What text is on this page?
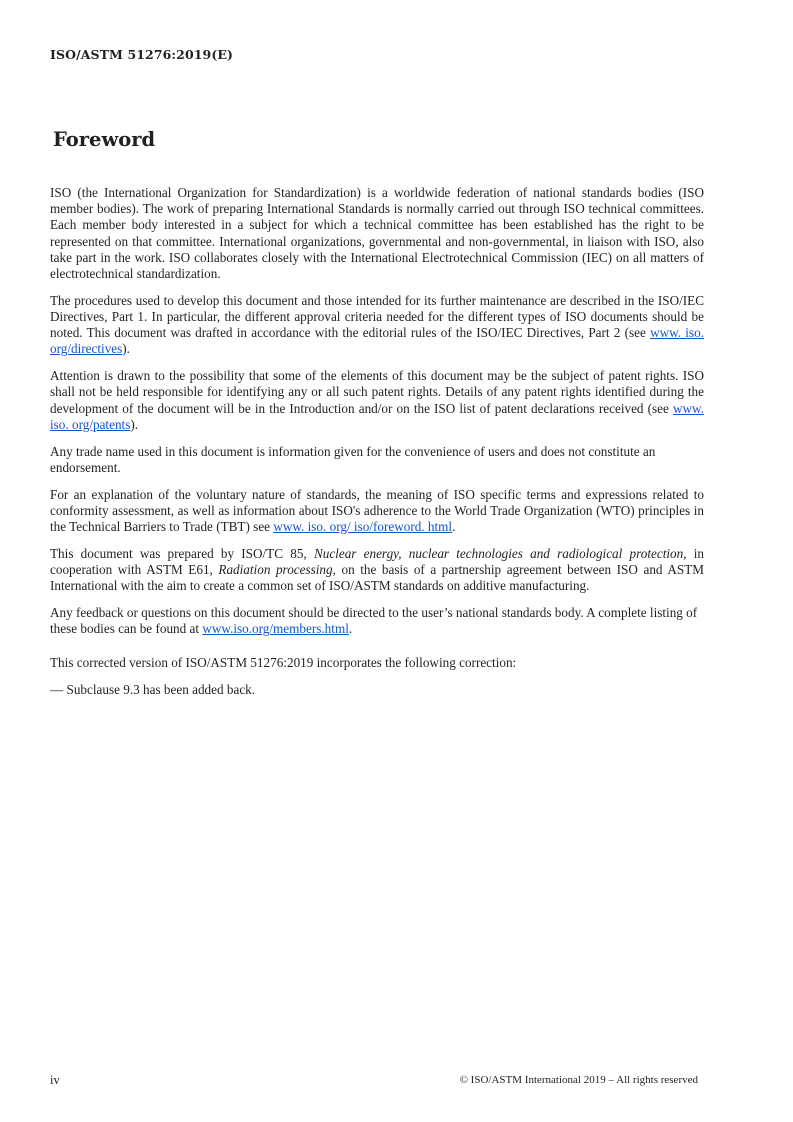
ISO/ASTM 51276:2019(E)
Foreword

ISO (the International Organization for Standardization) is a worldwide federation of national standards bodies (ISO member bodies). The work of preparing International Standards is normally carried out through ISO technical committees. Each member body interested in a subject for which a technical committee has been established has the right to be represented on that committee. International organizations, governmental and non-governmental, in liaison with ISO, also take part in the work. ISO collaborates closely with the International Electrotechnical Commission (IEC) on all matters of electrotechnical standardization.

The procedures used to develop this document and those intended for its further maintenance are described in the ISO/IEC Directives, Part 1. In particular, the different approval criteria needed for the different types of ISO documents should be noted. This document was drafted in accordance with the editorial rules of the ISO/IEC Directives, Part 2 (see www. iso. org/directives).

Attention is drawn to the possibility that some of the elements of this document may be the subject of patent rights. ISO shall not be held responsible for identifying any or all such patent rights. Details of any patent rights identified during the development of the document will be in the Introduction and/or on the ISO list of patent declarations received (see www. iso. org/patents).

Any trade name used in this document is information given for the convenience of users and does not constitute an endorsement.

For an explanation of the voluntary nature of standards, the meaning of ISO specific terms and expressions related to conformity assessment, as well as information about ISO's adherence to the World Trade Organization (WTO) principles in the Technical Barriers to Trade (TBT) see www. iso. org/ iso/foreword. html.

This document was prepared by ISO/TC 85, Nuclear energy, nuclear technologies and radiological protection, in cooperation with ASTM E61, Radiation processing, on the basis of a partnership agreement between ISO and ASTM International with the aim to create a common set of ISO/ASTM standards on additive manufacturing.

Any feedback or questions on this document should be directed to the user’s national standards body. A complete listing of these bodies can be found at www.iso.org/members.html.

This corrected version of ISO/ASTM 51276:2019 incorporates the following correction:

— Subclause 9.3 has been added back.

iv	© ISO/ASTM International 2019 – All rights reserved
